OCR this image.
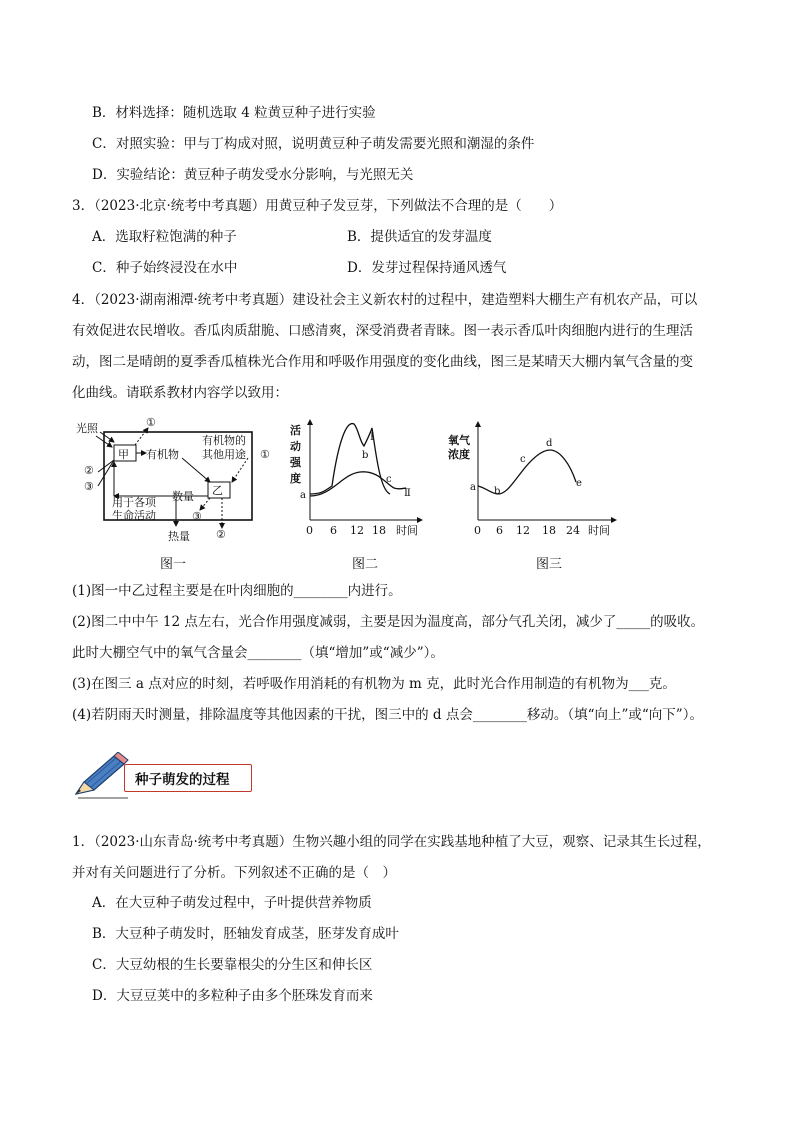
B．材料选择：随机选取 4 粒黄豆种子进行实验
C．对照实验：甲与丁构成对照，说明黄豆种子萌发需要光照和潮湿的条件
D．实验结论：黄豆种子萌发受水分影响，与光照无关
3．（2023·北京·统考中考真题）用黄豆种子发豆芽，下列做法不合理的是（　　）
A．选取籽粒饱满的种子	B．提供适宜的发芽温度
C．种子始终浸没在水中	D．发芽过程保持通风透气
4．（2023·湖南湘潭·统考中考真题）建设社会主义新农村的过程中，建造塑料大棚生产有机农产品，可以
有效促进农民增收。香瓜肉质甜脆、口感清爽，深受消费者青睐。图一表示香瓜叶肉细胞内进行的生理活
动，图二是晴朗的夏季香瓜植株光合作用和呼吸作用强度的变化曲线，图三是某晴天大棚内氧气含量的变
化曲线。请联系教材内容学以致用：
光照
甲 有机物
有机物的
其他用途
①
乙
①
数量
用于各项
生命活动
②
③
③
热量 ②
图一
活
动
强
度
a
b
c
Ⅰ
Ⅱ
0 6 12 18 时间
图二
氧气
浓度
a b
c
d
e
0 6 12 18 24 时间
图三
(1)图一中乙过程主要是在叶肉细胞的________内进行。
(2)图二中中午 12 点左右，光合作用强度减弱，主要是因为温度高，部分气孔关闭，减少了_____的吸收。
此时大棚空气中的氧气含量会________（填“增加”或“减少”）。
(3)在图三 a 点对应的时刻，若呼吸作用消耗的有机物为 m 克，此时光合作用制造的有机物为___克。
(4)若阴雨天时测量，排除温度等其他因素的干扰，图三中的 d 点会________移动。（填“向上”或“向下”）。
种子萌发的过程
1．（2023·山东青岛·统考中考真题）生物兴趣小组的同学在实践基地种植了大豆，观察、记录其生长过程，
并对有关问题进行了分析。下列叙述不正确的是（　）
A．在大豆种子萌发过程中，子叶提供营养物质
B．大豆种子萌发时，胚轴发育成茎，胚芽发育成叶
C．大豆幼根的生长要靠根尖的分生区和伸长区
D．大豆豆荚中的多粒种子由多个胚珠发育而来
